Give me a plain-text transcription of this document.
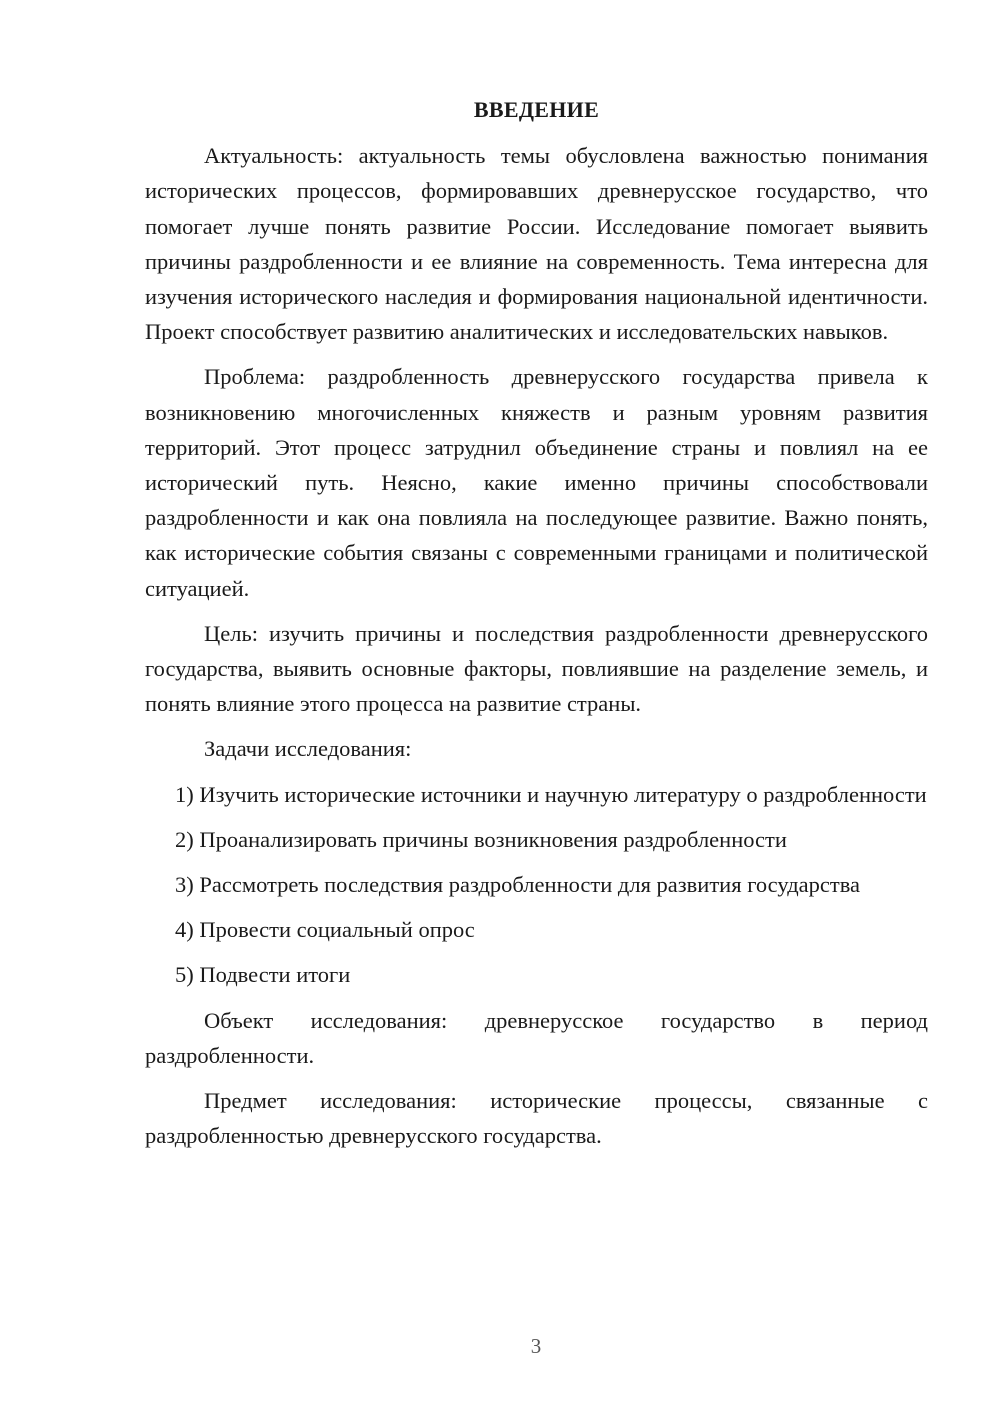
ВВЕДЕНИЕ

Актуальность: актуальность темы обусловлена важностью понимания исторических процессов, формировавших древнерусское государство, что помогает лучше понять развитие России. Исследование помогает выявить причины раздробленности и ее влияние на современность. Тема интересна для изучения исторического наследия и формирования национальной идентичности. Проект способствует развитию аналитических и исследовательских навыков.

Проблема: раздробленность древнерусского государства привела к возникновению многочисленных княжеств и разным уровням развития территорий. Этот процесс затруднил объединение страны и повлиял на ее исторический путь. Неясно, какие именно причины способствовали раздробленности и как она повлияла на последующее развитие. Важно понять, как исторические события связаны с современными границами и политической ситуацией.

Цель: изучить причины и последствия раздробленности древнерусского государства, выявить основные факторы, повлиявшие на разделение земель, и понять влияние этого процесса на развитие страны.

Задачи исследования:

1) Изучить исторические источники и научную литературу о раздробленности

2) Проанализировать причины возникновения раздробленности

3) Рассмотреть последствия раздробленности для развития государства

4) Провести социальный опрос

5) Подвести итоги

Объект исследования: древнерусское государство в период раздробленности.

Предмет исследования: исторические процессы, связанные с раздробленностью древнерусского государства.

3
